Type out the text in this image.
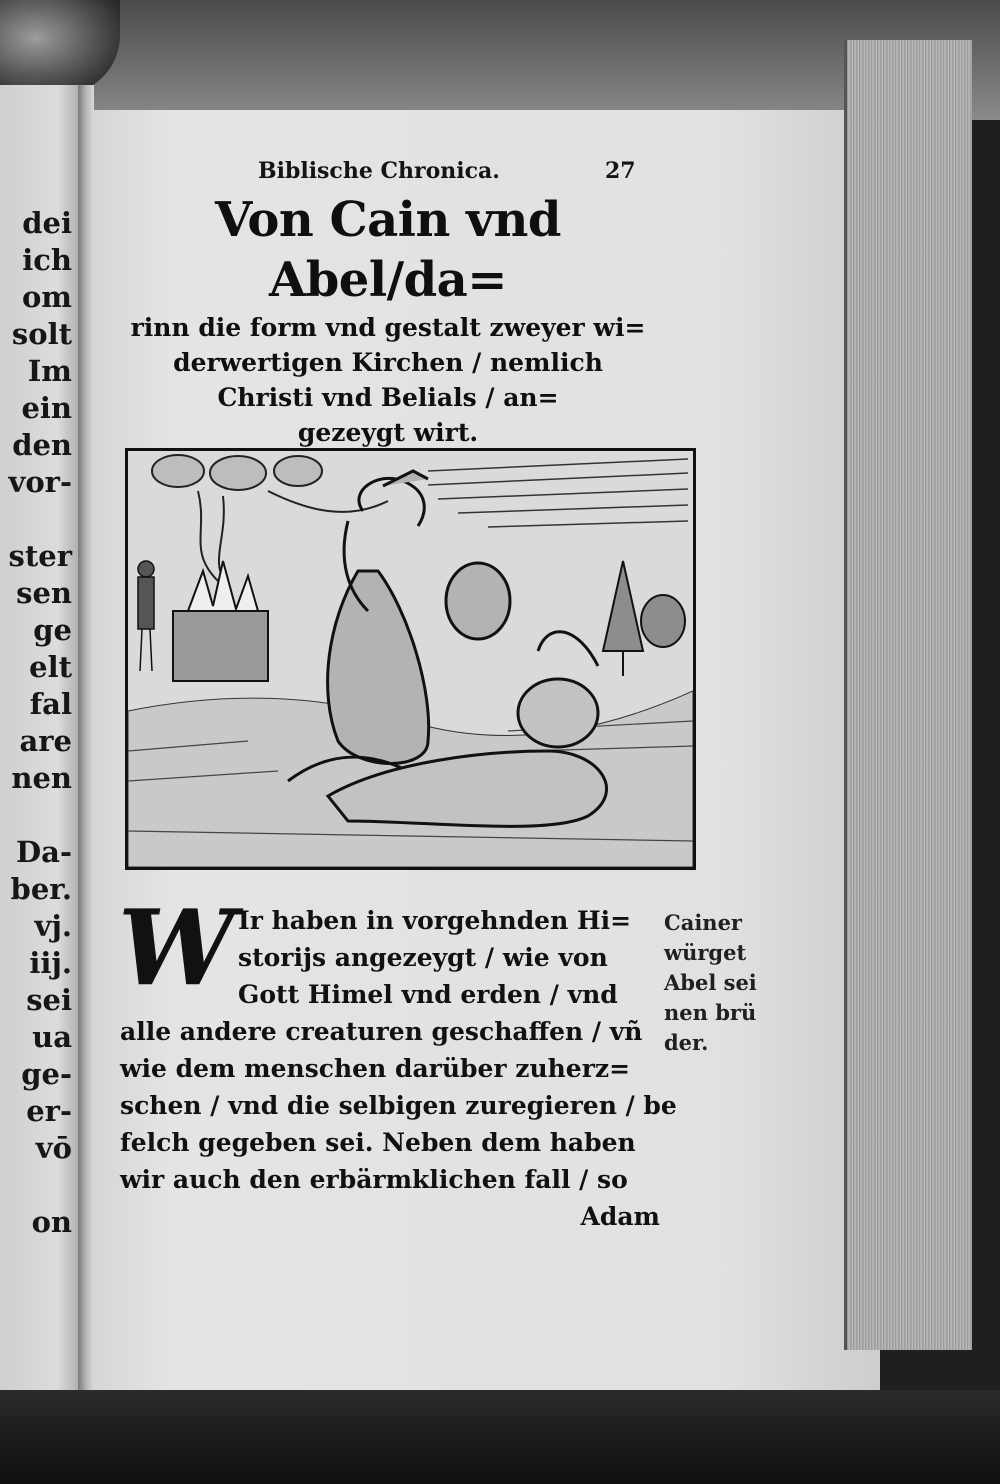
dei
ich
om
solt
Im
ein
den
vor-
ster
sen
ge
elt
fal
are
nen
Da-
ber.
vj.
iij.
sei
ua
ge-
er-
vō
on
Biblische Chronica.	27
Von Cain vnd Abel/da=
rinn die form vnd gestalt zweyer wi=
derwertigen Kirchen / nemlich
Christi vnd Belials / an=
gezeygt wirt.
W Ir haben in vorgehnden Hi=
storijs angezeygt / wie von
Gott Himel vnd erden / vnd
alle andere creaturen geschaffen / vñ
wie dem menschen darüber zuherz=
schen / vnd die selbigen zuregieren / be
felch gegeben sei. Neben dem haben
wir auch den erbärmklichen fall / so
Adam
Cainer
würget
Abel sei
nen brü
der.
